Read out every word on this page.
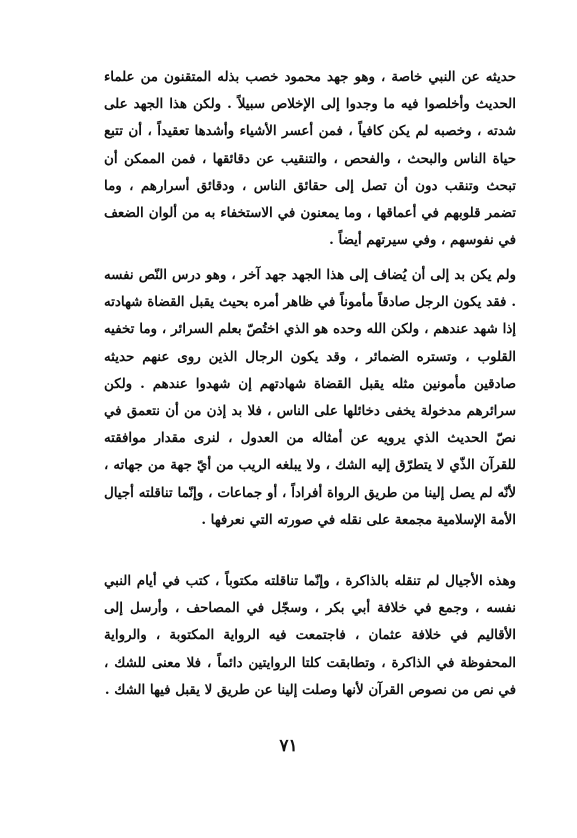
حديثه عن النبي خاصة ، وهو جهد محمود خصب بذله المتقنون من علماء الحديث وأخلصوا فيه ما وجدوا إلى الإخلاص سبيلاً . ولكن هذا الجهد على شدته ، وخصبه لم يكن كافياً ، فمن أعسر الأشياء وأشدها تعقيداً ، أن تتبع حياة الناس والبحث ، والفحص ، والتنقيب عن دقائقها ، فمن الممكن أن تبحث وتنقب دون أن تصل إلى حقائق الناس ، ودقائق أسرارهم ، وما تضمر قلوبهم في أعماقها ، وما يمعنون في الاستخفاء به من ألوان الضعف في نفوسهم ، وفي سيرتهم أيضاً .

ولم يكن بد إلى أن يُضاف إلى هذا الجهد جهد آخر ، وهو درس النّص نفسه . فقد يكون الرجل صادقاً مأموناً في ظاهر أمره بحيث يقبل القضاة شهادته إذا شهد عندهم ، ولكن الله وحده هو الذي اختُصّ بعلم السرائر ، وما تخفيه القلوب ، وتستره الضمائر ، وقد يكون الرجال الذين روى عنهم حديثه صادقين مأمونين مثله يقبل القضاة شهادتهم إن شهدوا عندهم . ولكن سرائرهم مدخولة يخفى دخائلها على الناس ، فلا بد إذن من أن نتعمق في نصّ الحديث الذي يرويه عن أمثاله من العدول ، لنرى مقدار موافقته للقرآن الذّي لا يتطرّق إليه الشك ، ولا يبلغه الريب من أيّ جهة من جهاته ، لأنّه لم يصل إلينا من طريق الرواة أفراداً ، أو جماعات ، وإنّما تناقلته أجيال الأمة الإسلامية مجمعة على نقله في صورته التي نعرفها .

وهذه الأجيال لم تنقله بالذاكرة ، وإنّما تناقلته مكتوباً ، كتب في أيام النبي نفسه ، وجمع في خلافة أبي بكر ، وسجّل في المصاحف ، وأرسل إلى الأقاليم في خلافة عثمان ، فاجتمعت فيه الرواية المكتوبة ، والرواية المحفوظة في الذاكرة ، وتطابقت كلتا الروايتين دائماً ، فلا معنى للشك ، في نص من نصوص القرآن لأنها وصلت إلينا عن طريق لا يقبل فيها الشك .

٧١
